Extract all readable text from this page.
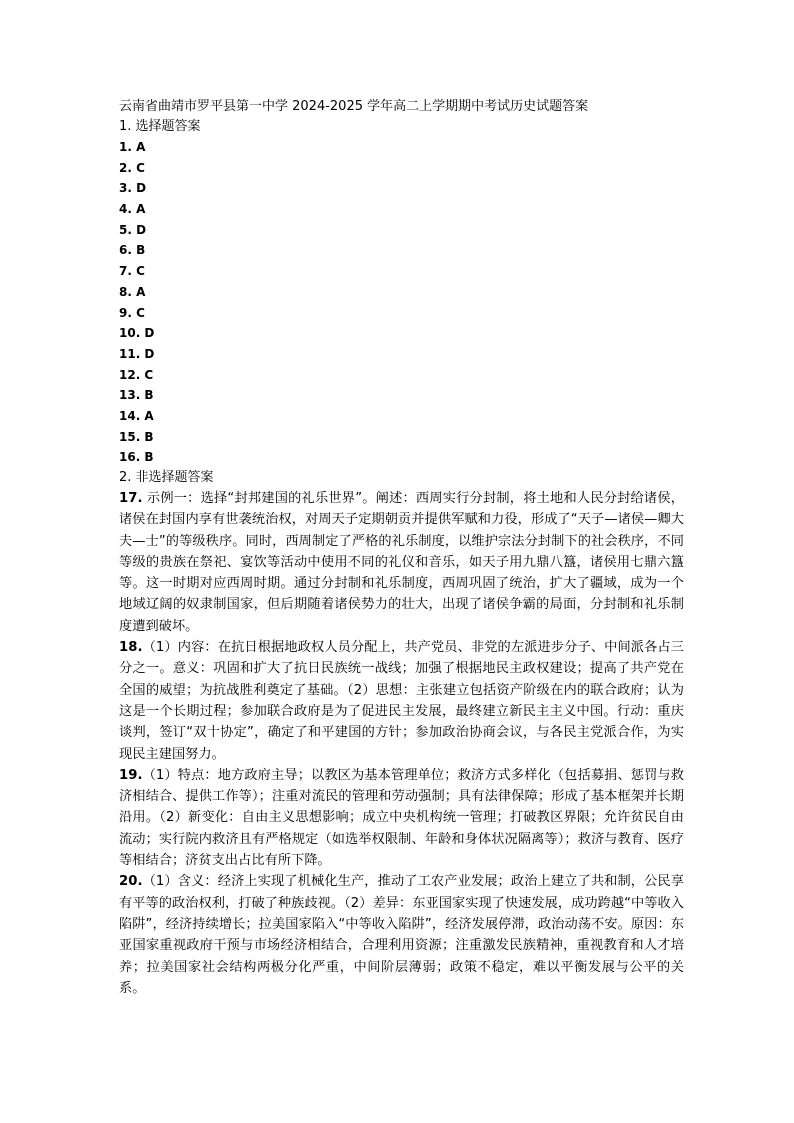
云南省曲靖市罗平县第一中学 2024-2025 学年高二上学期期中考试历史试题答案
1. 选择题答案
1. A
2. C
3. D
4. A
5. D
6. B
7. C
8. A
9. C
10. D
11. D
12. C
13. B
14. A
15. B
16. B
2. 非选择题答案

17. 示例一：选择“封邦建国的礼乐世界”。阐述：西周实行分封制，将土地和人民分封给诸侯，诸侯在封国内享有世袭统治权，对周天子定期朝贡并提供军赋和力役，形成了“天子—诸侯—卿大夫—士”的等级秩序。同时，西周制定了严格的礼乐制度，以维护宗法分封制下的社会秩序，不同等级的贵族在祭祀、宴饮等活动中使用不同的礼仪和音乐，如天子用九鼎八簋，诸侯用七鼎六簋等。这一时期对应西周时期。通过分封制和礼乐制度，西周巩固了统治，扩大了疆域，成为一个地域辽阔的奴隶制国家，但后期随着诸侯势力的壮大，出现了诸侯争霸的局面，分封制和礼乐制度遭到破坏。

18.（1）内容：在抗日根据地政权人员分配上，共产党员、非党的左派进步分子、中间派各占三分之一。意义：巩固和扩大了抗日民族统一战线；加强了根据地民主政权建设；提高了共产党在全国的威望；为抗战胜利奠定了基础。（2）思想：主张建立包括资产阶级在内的联合政府；认为这是一个长期过程；参加联合政府是为了促进民主发展，最终建立新民主主义中国。行动：重庆谈判，签订“双十协定”，确定了和平建国的方针；参加政治协商会议，与各民主党派合作，为实现民主建国努力。

19.（1）特点：地方政府主导；以教区为基本管理单位；救济方式多样化（包括募捐、惩罚与救济相结合、提供工作等）；注重对流民的管理和劳动强制；具有法律保障；形成了基本框架并长期沿用。（2）新变化：自由主义思想影响；成立中央机构统一管理；打破教区界限；允许贫民自由流动；实行院内救济且有严格规定（如选举权限制、年龄和身体状况隔离等）；救济与教育、医疗等相结合；济贫支出占比有所下降。

20.（1）含义：经济上实现了机械化生产，推动了工农产业发展；政治上建立了共和制，公民享有平等的政治权利，打破了种族歧视。（2）差异：东亚国家实现了快速发展，成功跨越“中等收入陷阱”，经济持续增长；拉美国家陷入“中等收入陷阱”，经济发展停滞，政治动荡不安。原因：东亚国家重视政府干预与市场经济相结合，合理利用资源；注重激发民族精神，重视教育和人才培养；拉美国家社会结构两极分化严重，中间阶层薄弱；政策不稳定，难以平衡发展与公平的关系。
